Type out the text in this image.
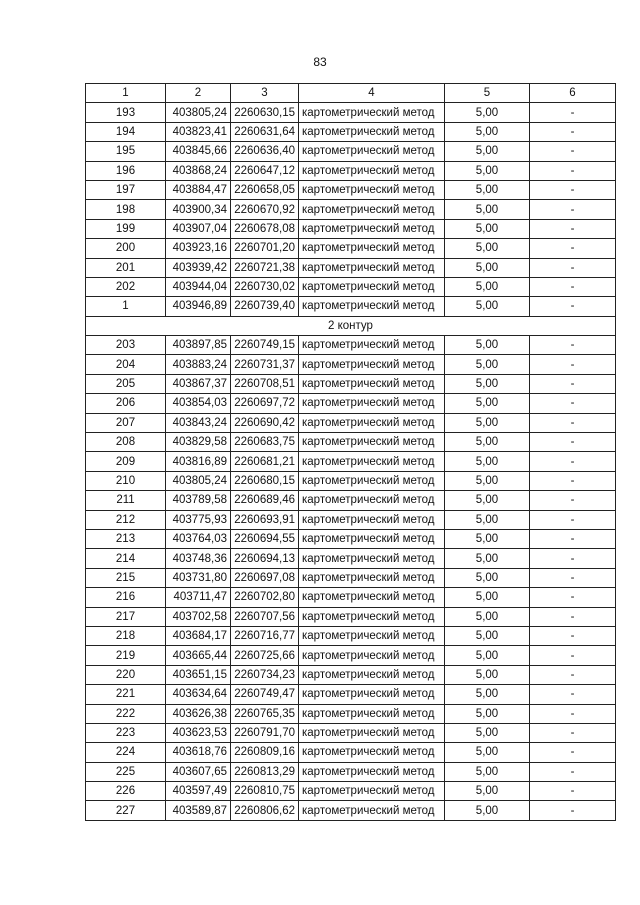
83
1	2	3	4	5	6
193	403805,24	2260630,15	картометрический метод	5,00	-
194	403823,41	2260631,64	картометрический метод	5,00	-
195	403845,66	2260636,40	картометрический метод	5,00	-
196	403868,24	2260647,12	картометрический метод	5,00	-
197	403884,47	2260658,05	картометрический метод	5,00	-
198	403900,34	2260670,92	картометрический метод	5,00	-
199	403907,04	2260678,08	картометрический метод	5,00	-
200	403923,16	2260701,20	картометрический метод	5,00	-
201	403939,42	2260721,38	картометрический метод	5,00	-
202	403944,04	2260730,02	картометрический метод	5,00	-
1	403946,89	2260739,40	картометрический метод	5,00	-
2 контур					
203	403897,85	2260749,15	картометрический метод	5,00	-
204	403883,24	2260731,37	картометрический метод	5,00	-
205	403867,37	2260708,51	картометрический метод	5,00	-
206	403854,03	2260697,72	картометрический метод	5,00	-
207	403843,24	2260690,42	картометрический метод	5,00	-
208	403829,58	2260683,75	картометрический метод	5,00	-
209	403816,89	2260681,21	картометрический метод	5,00	-
210	403805,24	2260680,15	картометрический метод	5,00	-
211	403789,58	2260689,46	картометрический метод	5,00	-
212	403775,93	2260693,91	картометрический метод	5,00	-
213	403764,03	2260694,55	картометрический метод	5,00	-
214	403748,36	2260694,13	картометрический метод	5,00	-
215	403731,80	2260697,08	картометрический метод	5,00	-
216	403711,47	2260702,80	картометрический метод	5,00	-
217	403702,58	2260707,56	картометрический метод	5,00	-
218	403684,17	2260716,77	картометрический метод	5,00	-
219	403665,44	2260725,66	картометрический метод	5,00	-
220	403651,15	2260734,23	картометрический метод	5,00	-
221	403634,64	2260749,47	картометрический метод	5,00	-
222	403626,38	2260765,35	картометрический метод	5,00	-
223	403623,53	2260791,70	картометрический метод	5,00	-
224	403618,76	2260809,16	картометрический метод	5,00	-
225	403607,65	2260813,29	картометрический метод	5,00	-
226	403597,49	2260810,75	картометрический метод	5,00	-
227	403589,87	2260806,62	картометрический метод	5,00	-
